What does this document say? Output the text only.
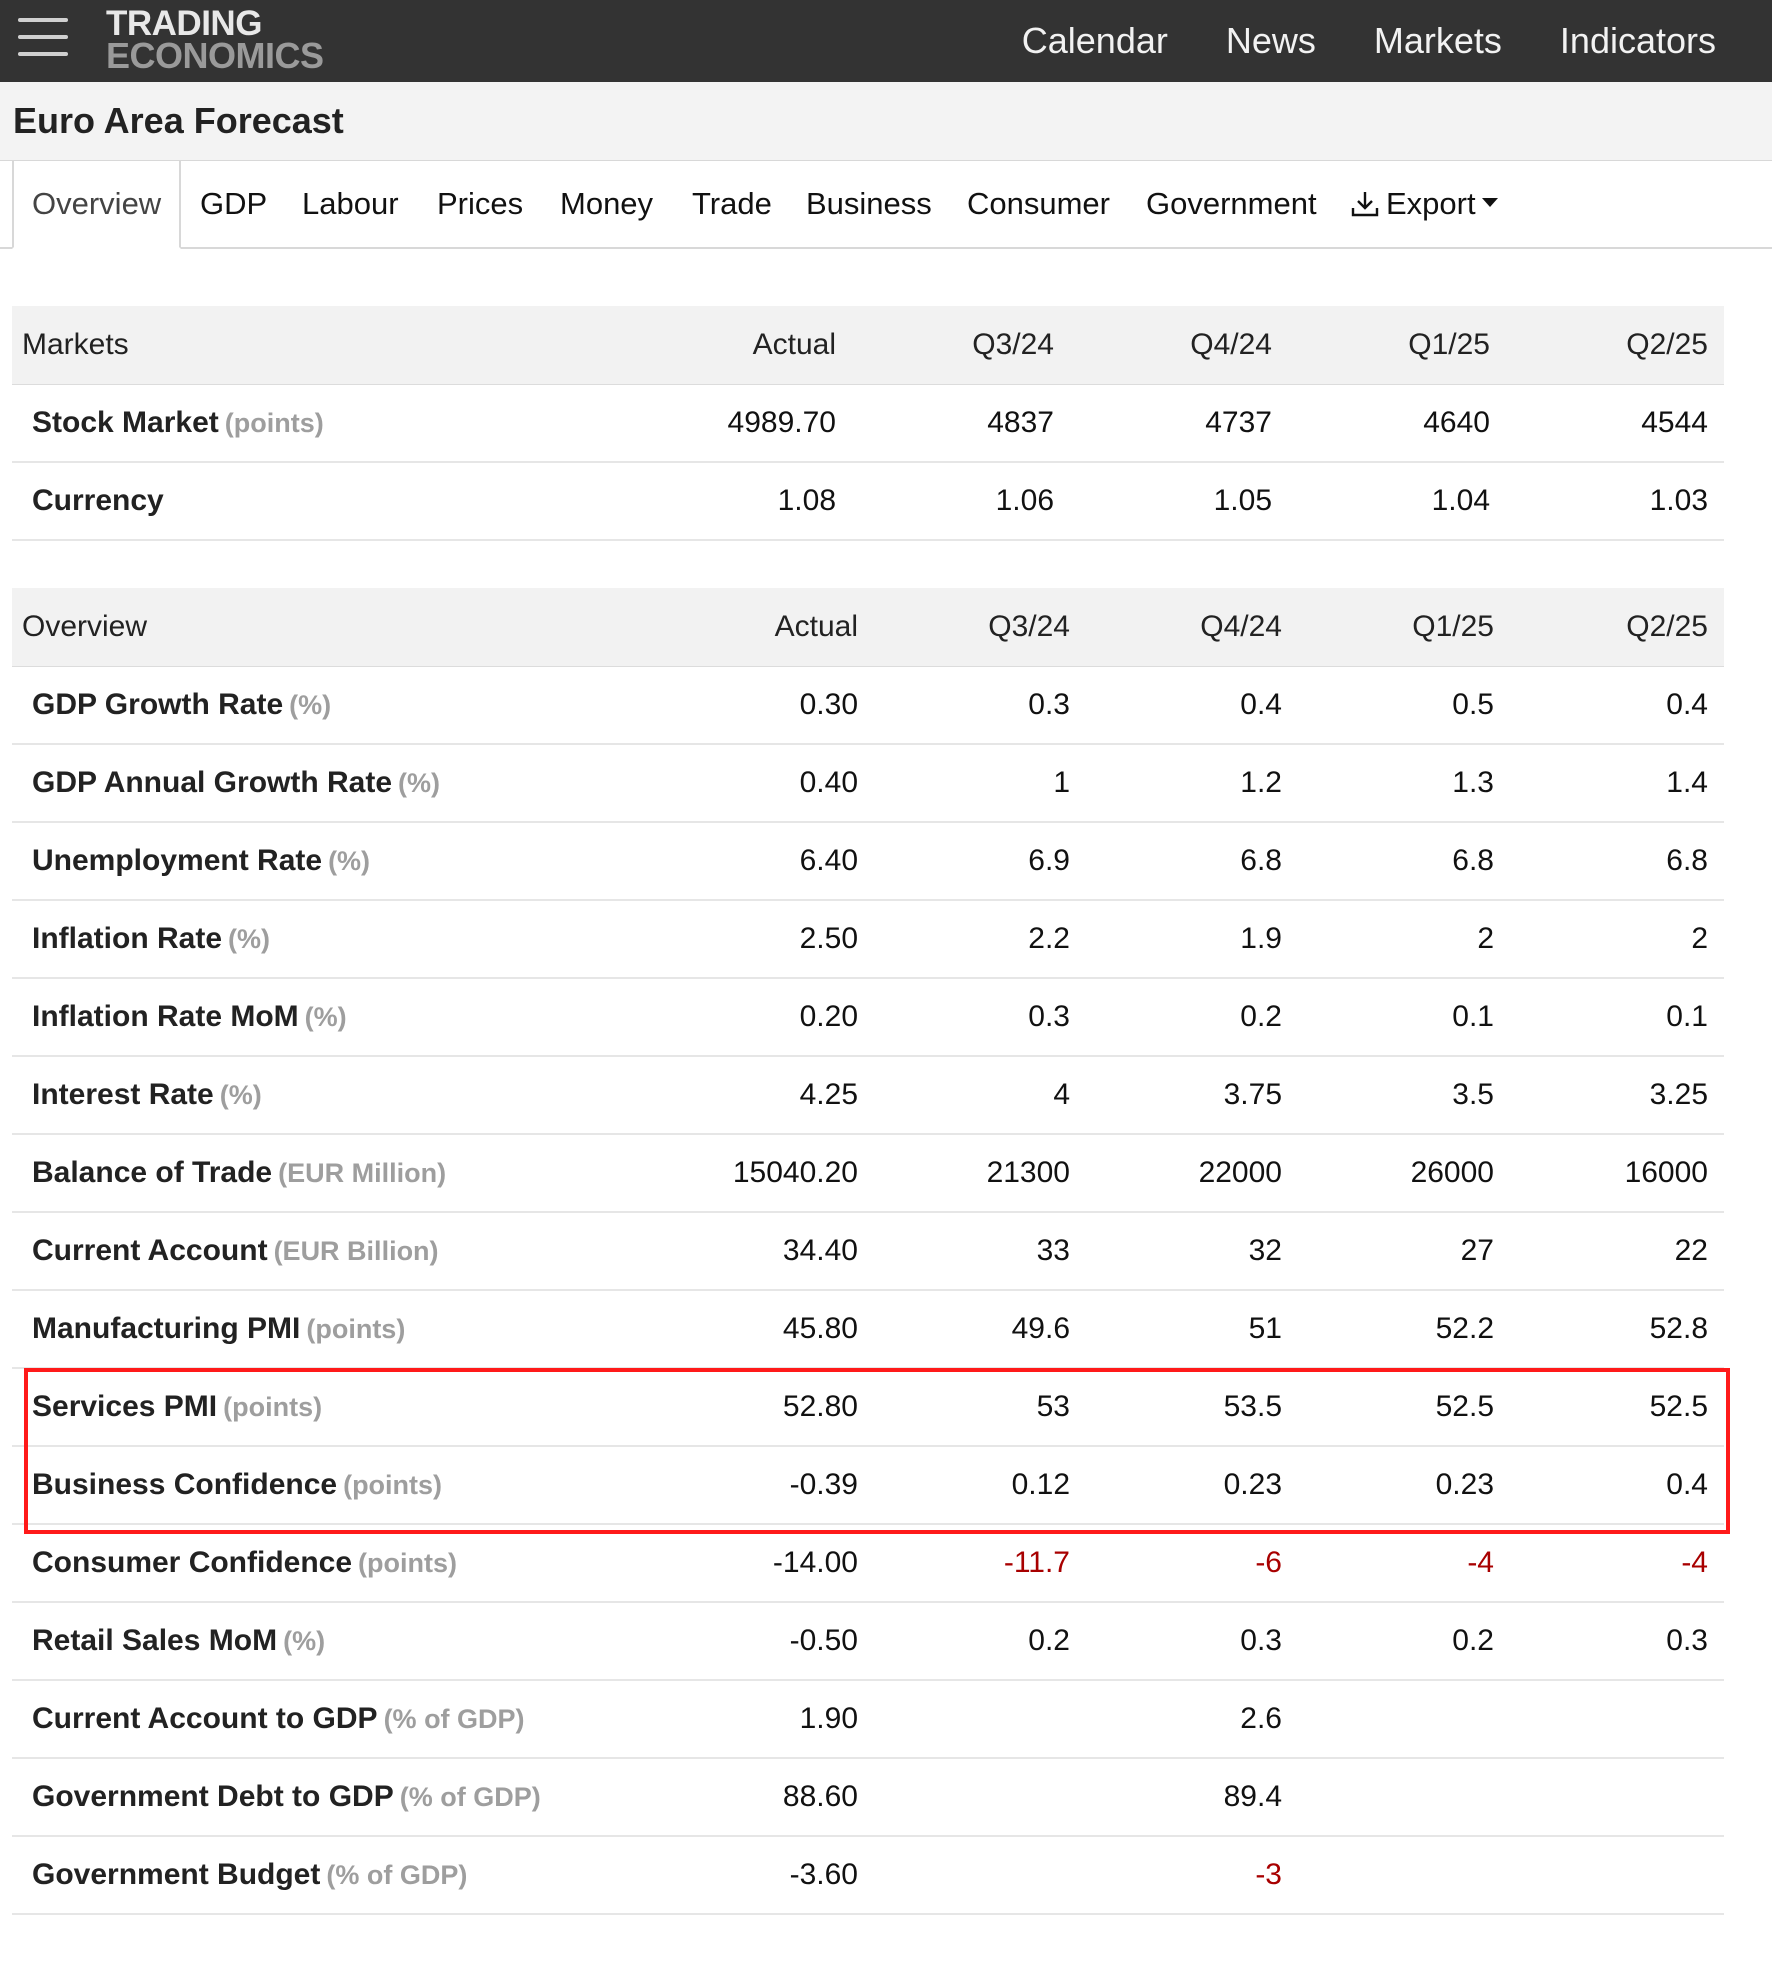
TRADING
ECONOMICS	Calendar News Markets Indicators
Euro Area Forecast
Overview	GDP Labour Prices Money Trade Business Consumer Government Export
Markets	Actual	Q3/24	Q4/24	Q1/25	Q2/25
Stock Market (points)	4989.70	4837	4737	4640	4544
Currency	1.08	1.06	1.05	1.04	1.03
Overview	Actual	Q3/24	Q4/24	Q1/25	Q2/25
GDP Growth Rate (%)	0.30	0.3	0.4	0.5	0.4
GDP Annual Growth Rate (%)	0.40	1	1.2	1.3	1.4
Unemployment Rate (%)	6.40	6.9	6.8	6.8	6.8
Inflation Rate (%)	2.50	2.2	1.9	2	2
Inflation Rate MoM (%)	0.20	0.3	0.2	0.1	0.1
Interest Rate (%)	4.25	4	3.75	3.5	3.25
Balance of Trade (EUR Million)	15040.20	21300	22000	26000	16000
Current Account (EUR Billion)	34.40	33	32	27	22
Manufacturing PMI (points)	45.80	49.6	51	52.2	52.8
Services PMI (points)	52.80	53	53.5	52.5	52.5
Business Confidence (points)	-0.39	0.12	0.23	0.23	0.4
Consumer Confidence (points)	-14.00	-11.7	-6	-4	-4
Retail Sales MoM (%)	-0.50	0.2	0.3	0.2	0.3
Current Account to GDP (% of GDP)	1.90		2.6		
Government Debt to GDP (% of GDP)	88.60		89.4		
Government Budget (% of GDP)	-3.60		-3		
